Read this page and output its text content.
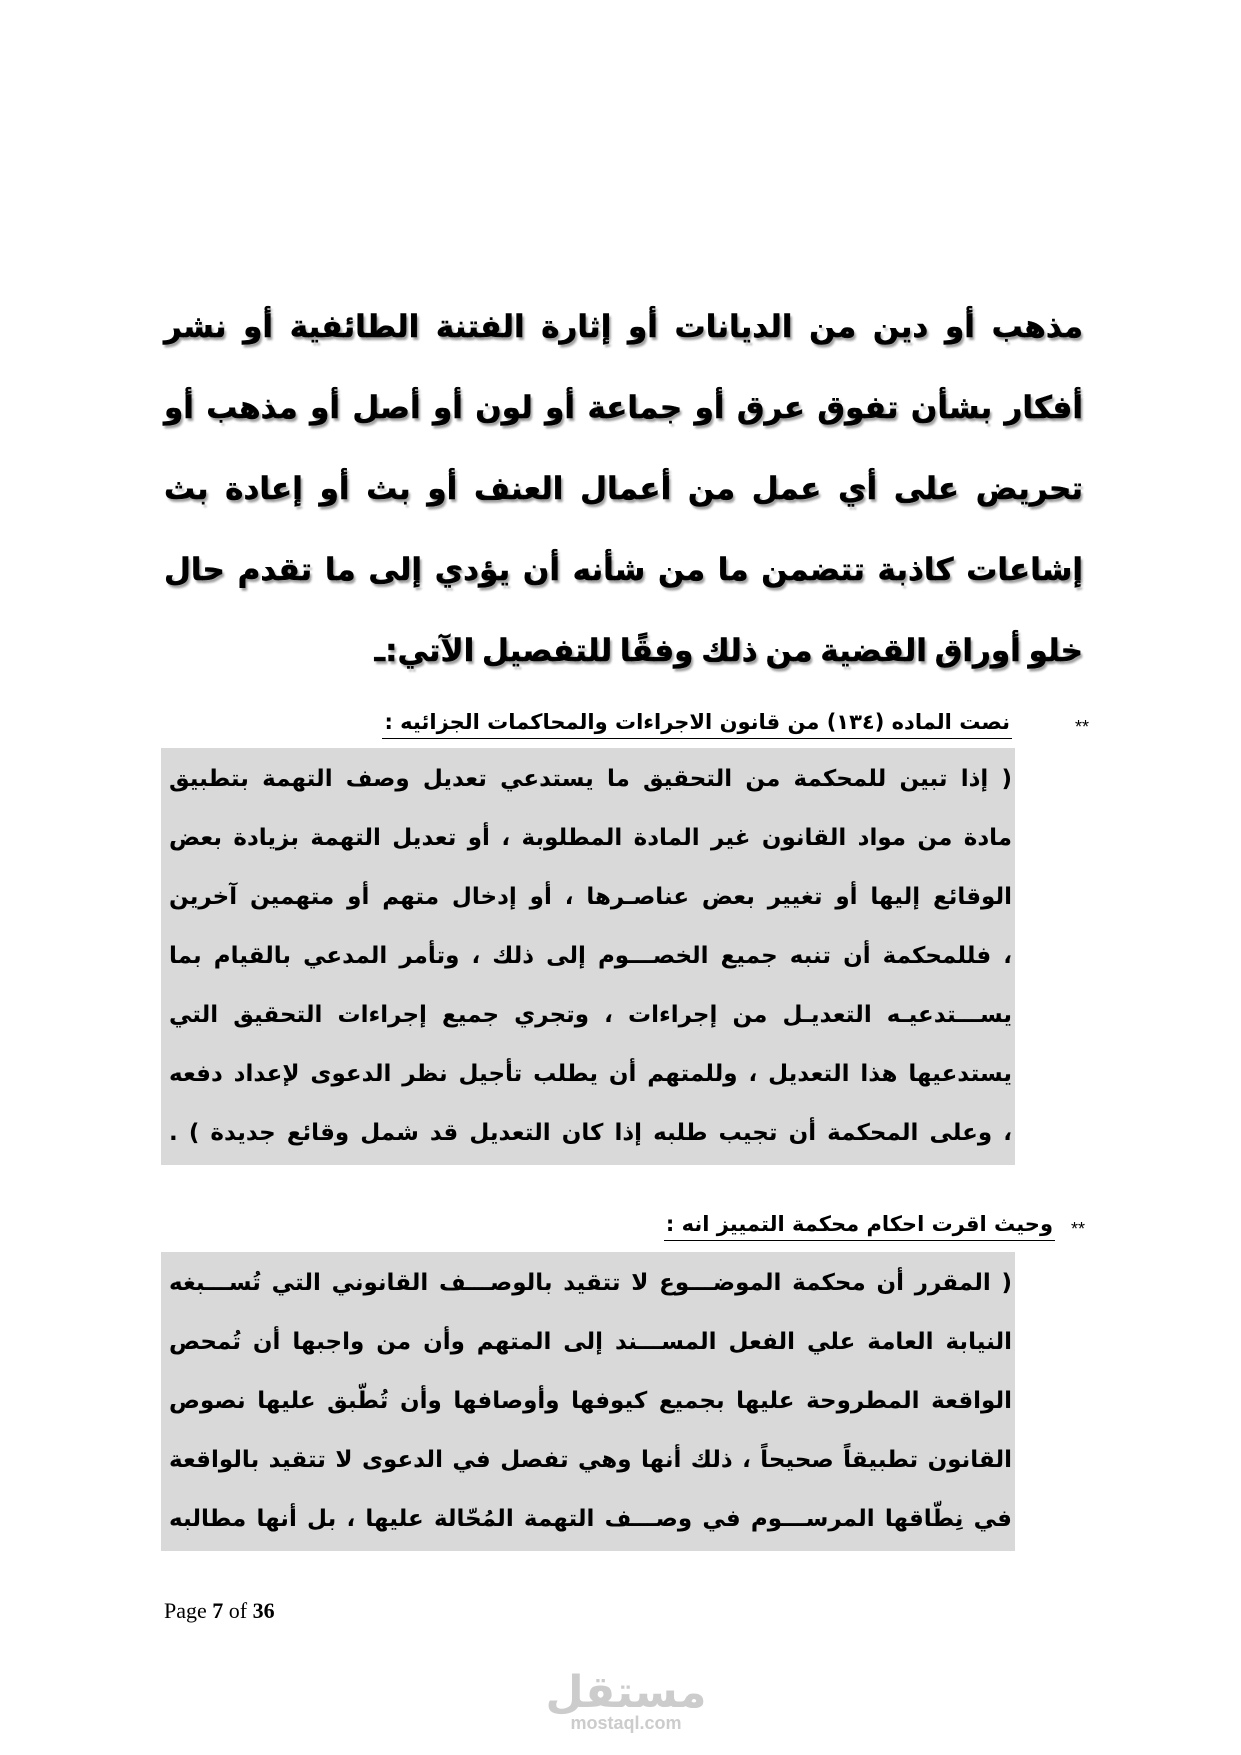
مذهب أو دين من الديانات أو إثارة الفتنة الطائفية أو نشر
أفكار بشأن تفوق عرق أو جماعة أو لون أو أصل أو مذهب أو
تحريض على أي عمل من أعمال العنف أو بث أو إعادة بث
إشاعات كاذبة تتضمن ما من شأنه أن يؤدي إلى ما تقدم حال
خلو أوراق القضية من ذلك وفقًا للتفصيل الآتي:ـ
**
نصت الماده (١٣٤) من قانون الاجراءات والمحاكمات الجزائيه :
( إذا تبين للمحكمة من التحقيق ما يستدعي تعديل وصف التهمة بتطبيق
مادة من مواد القانون غير المادة المطلوبة ، أو تعديل التهمة بزيادة بعض
الوقائع إليها أو تغيير بعض عناصـرها ، أو إدخال متهم أو متهمين آخرين
، فللمحكمة أن تنبه جميع الخصـــوم إلى ذلك ، وتأمر المدعي بالقيام بما
يســـتدعيـه التعديـل من إجراءات ، وتجري جميع إجراءات التحقيق التي
يستدعيها هذا التعديل ، وللمتهم أن يطلب تأجيل نظر الدعوى لإعداد دفعه
، وعلى المحكمة أن تجيب طلبه إذا كان التعديل قد شمل وقائع جديدة ) .
**
وحيث اقرت احكام محكمة التمييز انه :
( المقرر أن محكمة الموضـــوع لا تتقيد بالوصـــف القانوني التي تُســـبغه
النيابة العامة علي الفعل المســـند إلى المتهم وأن من واجبها أن تُمحص
الواقعة المطروحة عليها بجميع كيوفها وأوصافها وأن تُطّبق عليها نصوص
القانون تطبيقاً صحيحاً ، ذلك أنها وهي تفصل في الدعوى لا تتقيد بالواقعة
في نِطّاقها المرســـوم في وصـــف التهمة المُحّالة عليها ، بل أنها مطالبه
Page 7 of 36
مستقل
mostaql.com
